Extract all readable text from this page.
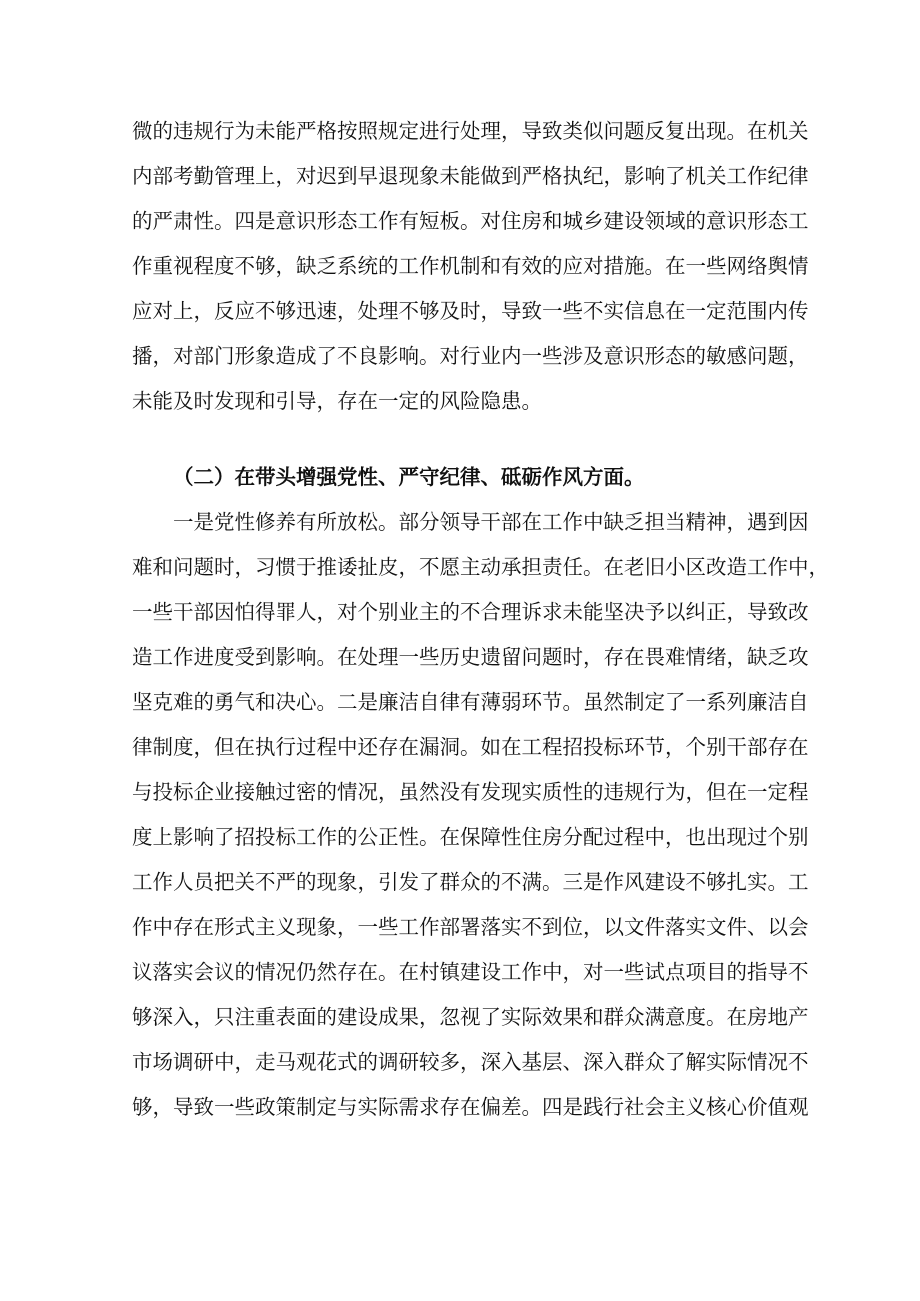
微的违规行为未能严格按照规定进行处理，导致类似问题反复出现。在机关
内部考勤管理上，对迟到早退现象未能做到严格执纪，影响了机关工作纪律
的严肃性。四是意识形态工作有短板。对住房和城乡建设领域的意识形态工
作重视程度不够，缺乏系统的工作机制和有效的应对措施。在一些网络舆情
应对上，反应不够迅速，处理不够及时，导致一些不实信息在一定范围内传
播，对部门形象造成了不良影响。对行业内一些涉及意识形态的敏感问题，
未能及时发现和引导，存在一定的风险隐患。
（二）在带头增强党性、严守纪律、砥砺作风方面。
一是党性修养有所放松。部分领导干部在工作中缺乏担当精神，遇到因
难和问题时，习惯于推诿扯皮，不愿主动承担责任。在老旧小区改造工作中，
一些干部因怕得罪人，对个别业主的不合理诉求未能坚决予以纠正，导致改
造工作进度受到影响。在处理一些历史遗留问题时，存在畏难情绪，缺乏攻
坚克难的勇气和决心。二是廉洁自律有薄弱环节。虽然制定了一系列廉洁自
律制度，但在执行过程中还存在漏洞。如在工程招投标环节，个别干部存在
与投标企业接触过密的情况，虽然没有发现实质性的违规行为，但在一定程
度上影响了招投标工作的公正性。在保障性住房分配过程中，也出现过个别
工作人员把关不严的现象，引发了群众的不满。三是作风建设不够扎实。工
作中存在形式主义现象，一些工作部署落实不到位，以文件落实文件、以会
议落实会议的情况仍然存在。在村镇建设工作中，对一些试点项目的指导不
够深入，只注重表面的建设成果，忽视了实际效果和群众满意度。在房地产
市场调研中，走马观花式的调研较多，深入基层、深入群众了解实际情况不
够，导致一些政策制定与实际需求存在偏差。四是践行社会主义核心价值观
